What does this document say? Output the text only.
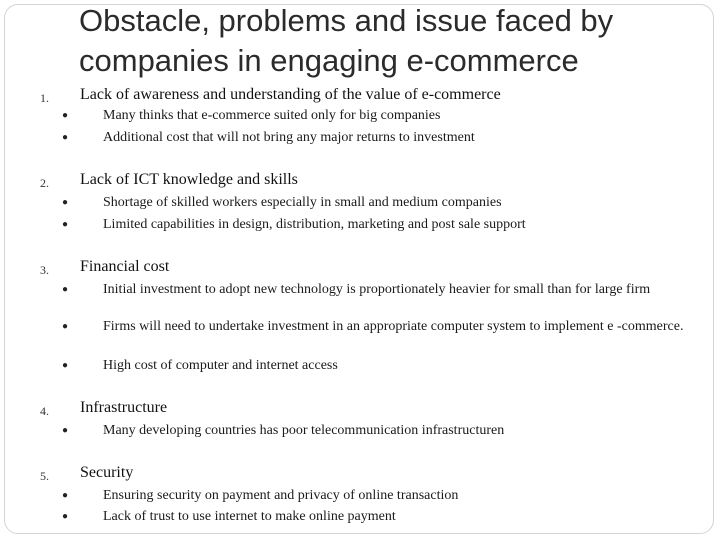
Obstacle, problems and issue faced by companies in engaging e-commerce
1. Lack of awareness and understanding of the value of e-commerce
● Many thinks that e-commerce suited only for big companies
● Additional cost that will not bring any major returns to investment
2. Lack of ICT knowledge and skills
● Shortage of skilled workers especially in small and medium companies
● Limited capabilities in design, distribution, marketing and post sale support
3. Financial cost
● Initial investment to adopt new technology is proportionately heavier for small than for large firm
● Firms will need to undertake investment in an appropriate computer system to implement e -commerce.
● High cost of computer and internet access
4. Infrastructure
● Many developing countries has poor telecommunication infrastructuren
5. Security
● Ensuring security on payment and privacy of online transaction
● Lack of trust to use internet to make online payment
